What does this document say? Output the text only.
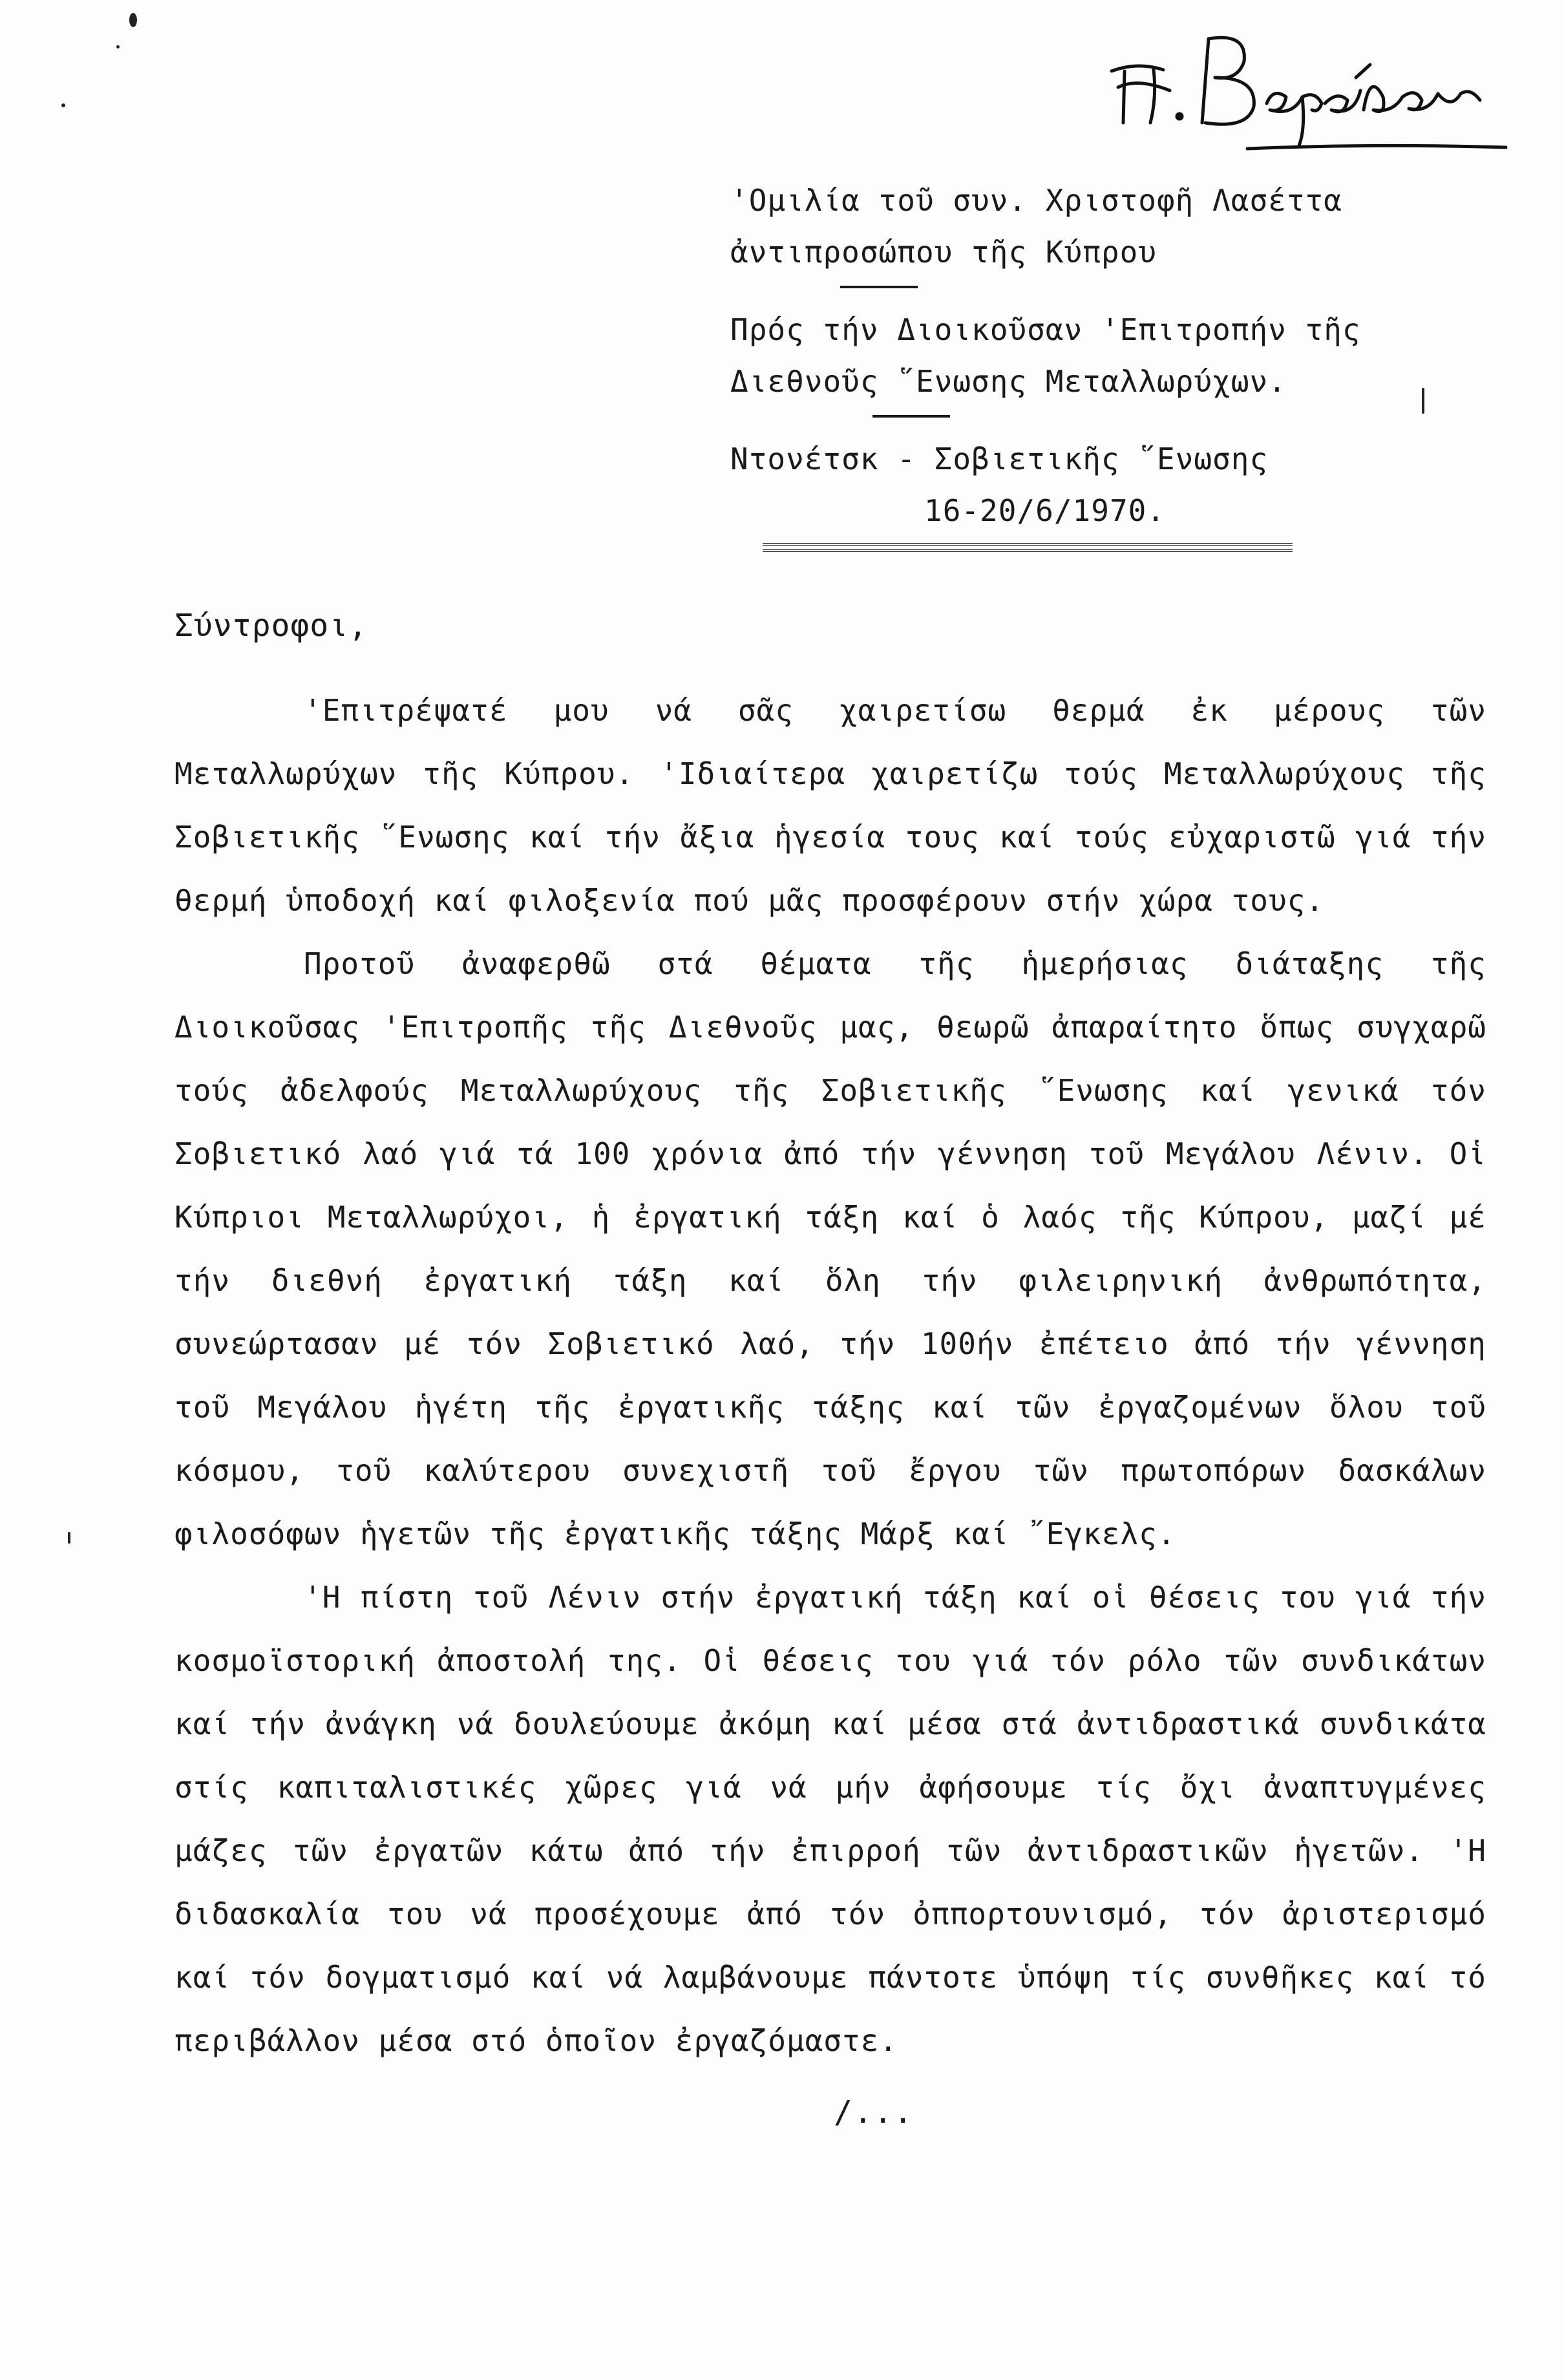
Π. Βαρνάβαν
'Ομιλία τοῦ συν. Χριστοφῆ Λασέττα
ἀντιπροσώπου τῆς Κύπρου
Πρός τήν Διοικοῦσαν 'Επιτροπήν τῆς
Διεθνοῦς ῞Ενωσης Μεταλλωρύχων.
Ντονέτσκ - Σοβιετικῆς ῞Ενωσης
16-20/6/1970.
Σύντροφοι,

'Επιτρέψατέ μου νά σᾶς χαιρετίσω θερμά ἐκ μέρους τῶν Μεταλλωρύχων τῆς Κύπρου. 'Ιδιαίτερα χαιρετίζω τούς Μεταλλωρύχους τῆς Σοβιετικῆς ῞Ενωσης καί τήν ἄξια ἡγεσία τους καί τούς εὐχαριστῶ γιά τήν θερμή ὑποδοχή καί φιλοξενία πού μᾶς προσφέρουν στήν χώρα τους.

Προτοῦ ἀναφερθῶ στά θέματα τῆς ἡμερήσιας διάταξης τῆς Διοικοῦσας 'Επιτροπῆς τῆς Διεθνοῦς μας, θεωρῶ ἀπαραίτητο ὅπως συγχαρῶ τούς ἀδελφούς Μεταλλωρύχους τῆς Σοβιετικῆς ῞Ενωσης καί γενικά τόν Σοβιετικό λαό γιά τά 100 χρόνια ἀπό τήν γέννηση τοῦ Μεγάλου Λένιν. Οἱ Κύπριοι Μεταλλωρύχοι, ἡ ἐργατική τάξη καί ὁ λαός τῆς Κύπρου, μαζί μέ τήν διεθνή ἐργατική τάξη καί ὅλη τήν φιλειρηνική ἀνθρωπότητα, συνεώρτασαν μέ τόν Σοβιετικό λαό, τήν 100ήν ἐπέτειο ἀπό τήν γέννηση τοῦ Μεγάλου ἡγέτη τῆς ἐργατικῆς τάξης καί τῶν ἐργαζομένων ὅλου τοῦ κόσμου, τοῦ καλύτερου συνεχιστῆ τοῦ ἔργου τῶν πρωτοπόρων δασκάλων φιλοσόφων ἡγετῶν τῆς ἐργατικῆς τάξης Μάρξ καί ῎Εγκελς.

'Η πίστη τοῦ Λένιν στήν ἐργατική τάξη καί οἱ θέσεις του γιά τήν κοσμοϊστορική ἀποστολή της. Οἱ θέσεις του γιά τόν ρόλο τῶν συνδικάτων καί τήν ἀνάγκη νά δουλεύουμε ἀκόμη καί μέσα στά ἀντιδραστικά συνδικάτα στίς καπιταλιστικές χῶρες γιά νά μήν ἀφήσουμε τίς ὄχι ἀναπτυγμένες μάζες τῶν ἐργατῶν κάτω ἀπό τήν ἐπιρροή τῶν ἀντιδραστικῶν ἡγετῶν. 'Η διδασκαλία του νά προσέχουμε ἀπό τόν ὀππορτουνισμό, τόν ἀριστερισμό καί τόν δογματισμό καί νά λαμβάνουμε πάντοτε ὑπόψη τίς συνθῆκες καί τό περιβάλλον μέσα στό ὁποῖον ἐργαζόμαστε.

/...
